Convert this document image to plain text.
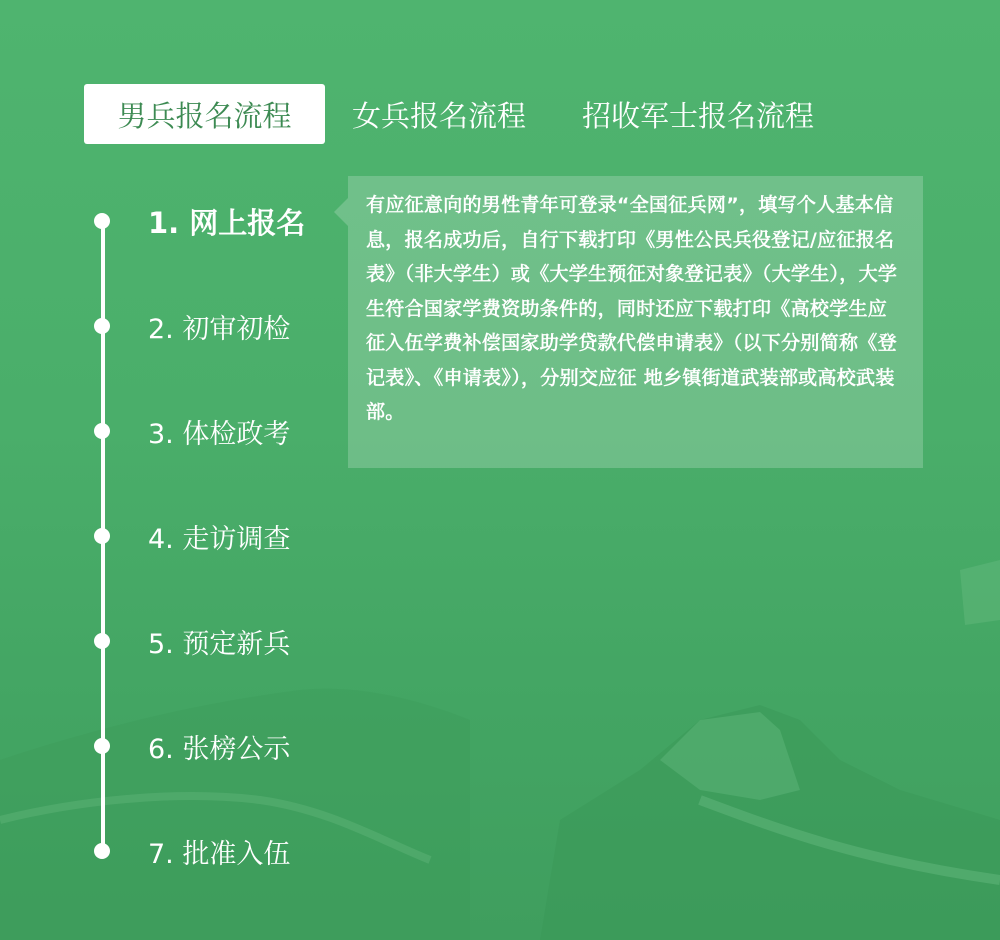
男兵报名流程	女兵报名流程 招收军士报名流程
1. 网上报名
2. 初审初检
3. 体检政考
4. 走访调查
5. 预定新兵
6. 张榜公示
7. 批准入伍
有应征意向的男性青年可登录“全国征兵网”，填写个人基本信息，报名成功后，自行下载打印《男性公民兵役登记/应征报名表》（非大学生）或《大学生预征对象登记表》（大学生），大学生符合国家学费资助条件的，同时还应下载打印《高校学生应征入伍学费补偿国家助学贷款代偿申请表》（以下分别简称《登记表》、《申请表》），分别交应征 地乡镇街道武装部或高校武装部。
